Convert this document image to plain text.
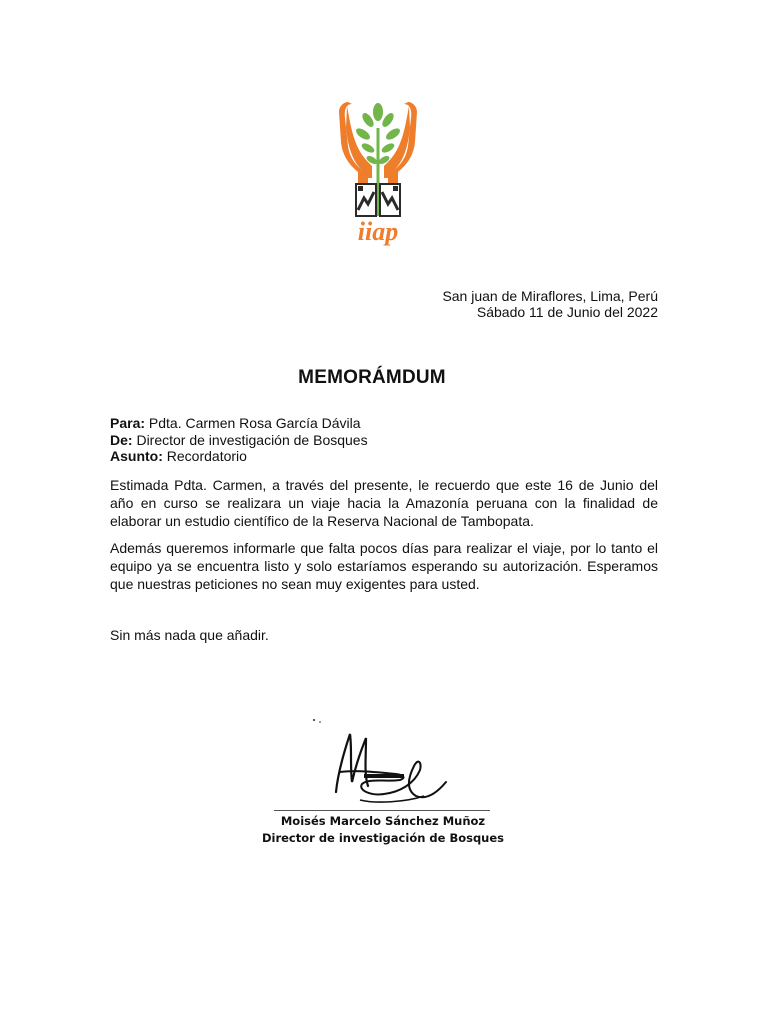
iiap
San juan de Miraflores, Lima, Perú
Sábado 11 de Junio del 2022
MEMORÁMDUM
Para: Pdta. Carmen Rosa García Dávila
De: Director de investigación de Bosques
Asunto: Recordatorio
Estimada Pdta. Carmen, a través del presente, le recuerdo que este 16 de Junio del año en curso se realizara un viaje hacia la Amazonía peruana con la finalidad de elaborar un estudio científico de la Reserva Nacional de Tambopata.
Además queremos informarle que falta pocos días para realizar el viaje, por lo tanto el equipo ya se encuentra listo y solo estaríamos esperando su autorización. Esperamos que nuestras peticiones no sean muy exigentes para usted.
Sin más nada que añadir.
Moisés Marcelo Sánchez Muñoz
Director de investigación de Bosques
